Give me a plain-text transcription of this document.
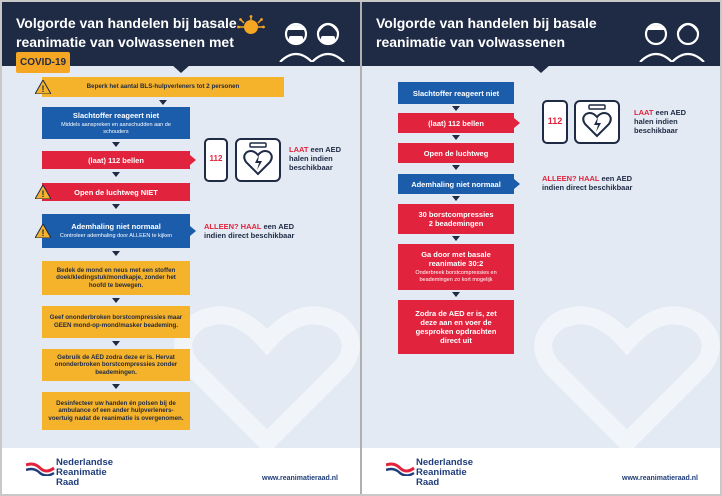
Volgorde van handelen bij basale
reanimatie van volwassenen met COVID-19
Beperk het aantal BLS-hulpverleners tot 2 personen
!
Slachtoffer reageert niet
Middels aanspreken en aanschudden aan de schouders
(laat) 112 bellen
Open de luchtweg NIET
!
Ademhaling niet normaal
Controleer ademhaling door ALLEEN te kijken
!
Bedek de mond en neus met een stoffen doek/kledingstuk/mondkapje, zonder het hoofd te bewegen.
Geef ononderbroken borstcompressies maar GEEN mond-op-mond/masker beademing.
Gebruik de AED zodra deze er is. Hervat ononderbroken borstcompressies zonder beademingen.
Desinfecteer uw handen én polsen bij de ambulance of een ander hulpverleners-voertuig nadat de reanimatie is overgenomen.
112
LAAT een AED
halen indien beschikbaar
ALLEEN? HAAL een AED
indien direct beschikbaar
Nederlandse
Reanimatie
Raad	www.reanimatieraad.nl
Volgorde van handelen bij basale
reanimatie van volwassenen
Slachtoffer reageert niet
(laat) 112 bellen
Open de luchtweg
Ademhaling niet normaal
30 borstcompressies 2 beademingen
Ga door met basale reanimatie 30:2
Onderbreek borstcompressies en beademingen zo kort mogelijk
Zodra de AED er is, zet deze aan en voer de gesproken opdrachten direct uit
112
LAAT een AED
halen indien beschikbaar
ALLEEN? HAAL een AED
indien direct beschikbaar
Nederlandse
Reanimatie
Raad	www.reanimatieraad.nl
